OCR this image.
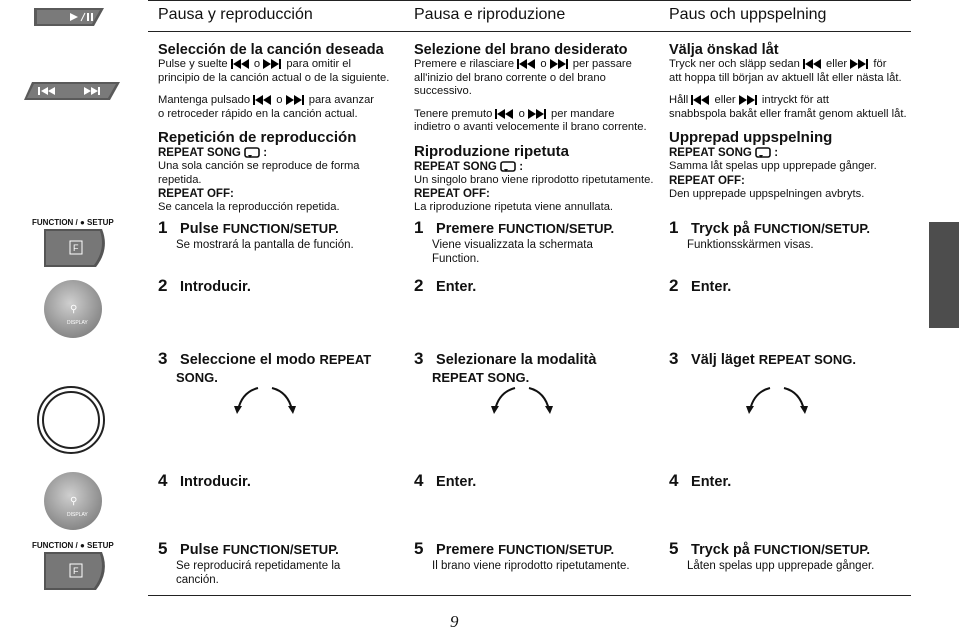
FUNCTION / ● SETUP
F
⚲
DISPLAY
⚲
DISPLAY
FUNCTION / ● SETUP
F
Pausa y reproducción
Selección de la canción deseada
Pulse y suelte o para omitir el
principio de la canción actual o de la siguiente.
Mantenga pulsado o para avanzar
o retroceder rápido en la canción actual.
Repetición de reproducción
REPEAT SONG :
Una sola canción se reproduce de forma repetida.
REPEAT OFF:
Se cancela la reproducción repetida.
1 Pulse FUNCTION/SETUP.
Se mostrará la pantalla de función.
2 Introducir.
3 Seleccione el modo REPEAT
SONG.
4 Introducir.
5 Pulse FUNCTION/SETUP.
Se reproducirá repetidamente la
canción.
Pausa e riproduzione
Selezione del brano desiderato
Premere e rilasciare o per passare
all'inizio del brano corrente o del brano successivo.
Tenere premuto o per mandare
indietro o avanti velocemente il brano corrente.
Riproduzione ripetuta
REPEAT SONG :
Un singolo brano viene riprodotto ripetutamente.
REPEAT OFF:
La riproduzione ripetuta viene annullata.
1 Premere FUNCTION/SETUP.
Viene visualizzata la schermata
Function.
2 Enter.
3 Selezionare la modalità
REPEAT SONG.
4 Enter.
5 Premere FUNCTION/SETUP.
Il brano viene riprodotto ripetutamente.
Paus och uppspelning
Välja önskad låt
Tryck ner och släpp sedan eller för
att hoppa till början av aktuell låt eller nästa låt.
Håll eller intryckt för att
snabbspola bakåt eller framåt genom aktuell låt.
Upprepad uppspelning
REPEAT SONG :
Samma låt spelas upp upprepade gånger.
REPEAT OFF:
Den upprepade uppspelningen avbryts.
1 Tryck på FUNCTION/SETUP.
Funktionsskärmen visas.
2 Enter.
3 Välj läget REPEAT SONG.
4 Enter.
5 Tryck på FUNCTION/SETUP.
Låten spelas upp upprepade gånger.
9
